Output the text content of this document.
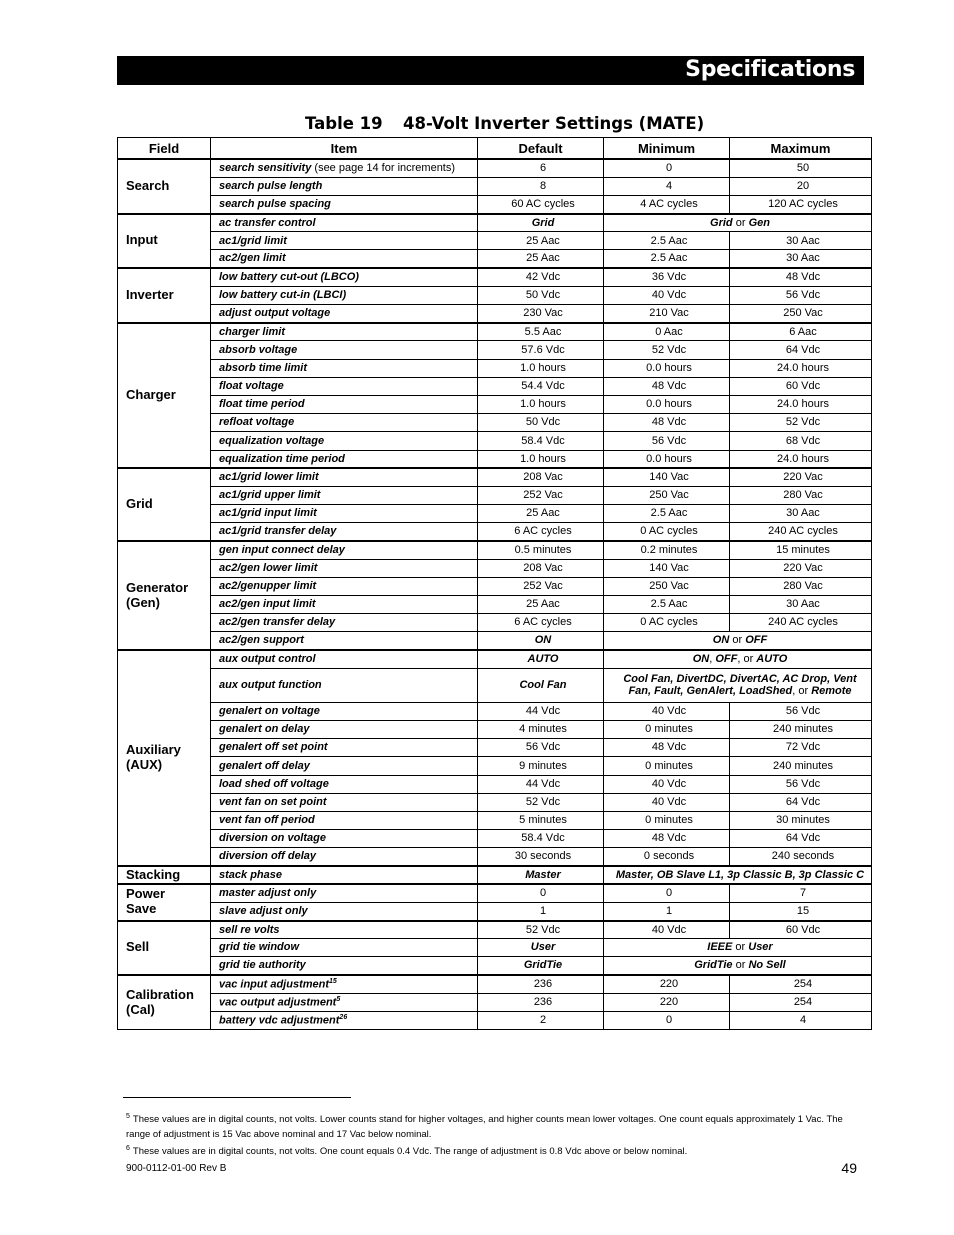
Specifications
Table 19 48-Volt Inverter Settings (MATE)
Field	Item	Default	Minimum	Maximum
Search	search sensitivity (see page 14 for increments)	6	0	50
	search pulse length	8	4	20
	search pulse spacing	60 AC cycles	4 AC cycles	120 AC cycles
Input	ac transfer control	Grid	Grid or Gen	
	ac1/grid limit	25 Aac	2.5 Aac	30 Aac
	ac2/gen limit	25 Aac	2.5 Aac	30 Aac
Inverter	low battery cut-out (LBCO)	42 Vdc	36 Vdc	48 Vdc
	low battery cut-in (LBCI)	50 Vdc	40 Vdc	56 Vdc
	adjust output voltage	230 Vac	210 Vac	250 Vac
Charger	charger limit	5.5 Aac	0 Aac	6 Aac
	absorb voltage	57.6 Vdc	52 Vdc	64 Vdc
	absorb time limit	1.0 hours	0.0 hours	24.0 hours
	float voltage	54.4 Vdc	48 Vdc	60 Vdc
	float time period	1.0 hours	0.0 hours	24.0 hours
	refloat voltage	50 Vdc	48 Vdc	52 Vdc
	equalization voltage	58.4 Vdc	56 Vdc	68 Vdc
	equalization time period	1.0 hours	0.0 hours	24.0 hours
Grid	ac1/grid lower limit	208 Vac	140 Vac	220 Vac
	ac1/grid upper limit	252 Vac	250 Vac	280 Vac
	ac1/grid input limit	25 Aac	2.5 Aac	30 Aac
	ac1/grid transfer delay	6 AC cycles	0 AC cycles	240 AC cycles
Generator
(Gen)	gen input connect delay	0.5 minutes	0.2 minutes	15 minutes
	ac2/gen lower limit	208 Vac	140 Vac	220 Vac
	ac2/genupper limit	252 Vac	250 Vac	280 Vac
	ac2/gen input limit	25 Aac	2.5 Aac	30 Aac
	ac2/gen transfer delay	6 AC cycles	0 AC cycles	240 AC cycles
	ac2/gen support	ON	ON or OFF	
Auxiliary
(AUX)	aux output control	AUTO	ON, OFF, or AUTO	
	aux output function	Cool Fan	Cool Fan, DivertDC, DivertAC, AC Drop, Vent Fan, Fault, GenAlert, LoadShed, or Remote	
	genalert on voltage	44 Vdc	40 Vdc	56 Vdc
	genalert on delay	4 minutes	0 minutes	240 minutes
	genalert off set point	56 Vdc	48 Vdc	72 Vdc
	genalert off delay	9 minutes	0 minutes	240 minutes
	load shed off voltage	44 Vdc	40 Vdc	56 Vdc
	vent fan on set point	52 Vdc	40 Vdc	64 Vdc
	vent fan off period	5 minutes	0 minutes	30 minutes
	diversion on voltage	58.4 Vdc	48 Vdc	64 Vdc
	diversion off delay	30 seconds	0 seconds	240 seconds
Stacking	stack phase	Master	Master, OB Slave L1, 3p Classic B, 3p Classic C	
Power
Save	master adjust only	0	0	7
	slave adjust only	1	1	15
Sell	sell re volts	52 Vdc	40 Vdc	60 Vdc
	grid tie window	User	IEEE or User	
	grid tie authority	GridTie	GridTie or No Sell	
Calibration
(Cal)	vac input adjustment$^{15}$	236	220	254
	vac output adjustment$^5$	236	220	254
	battery vdc adjustment$^{26}$	2	0	4
$^5$ These values are in digital counts, not volts. Lower counts stand for higher voltages, and higher counts mean lower voltages. One count equals approximately 1 Vac. The range of adjustment is 15 Vac above nominal and 17 Vac below nominal.
$^6$ These values are in digital counts, not volts. One count equals 0.4 Vdc. The range of adjustment is 0.8 Vdc above or below nominal.
900-0112-01-00 Rev B	49
